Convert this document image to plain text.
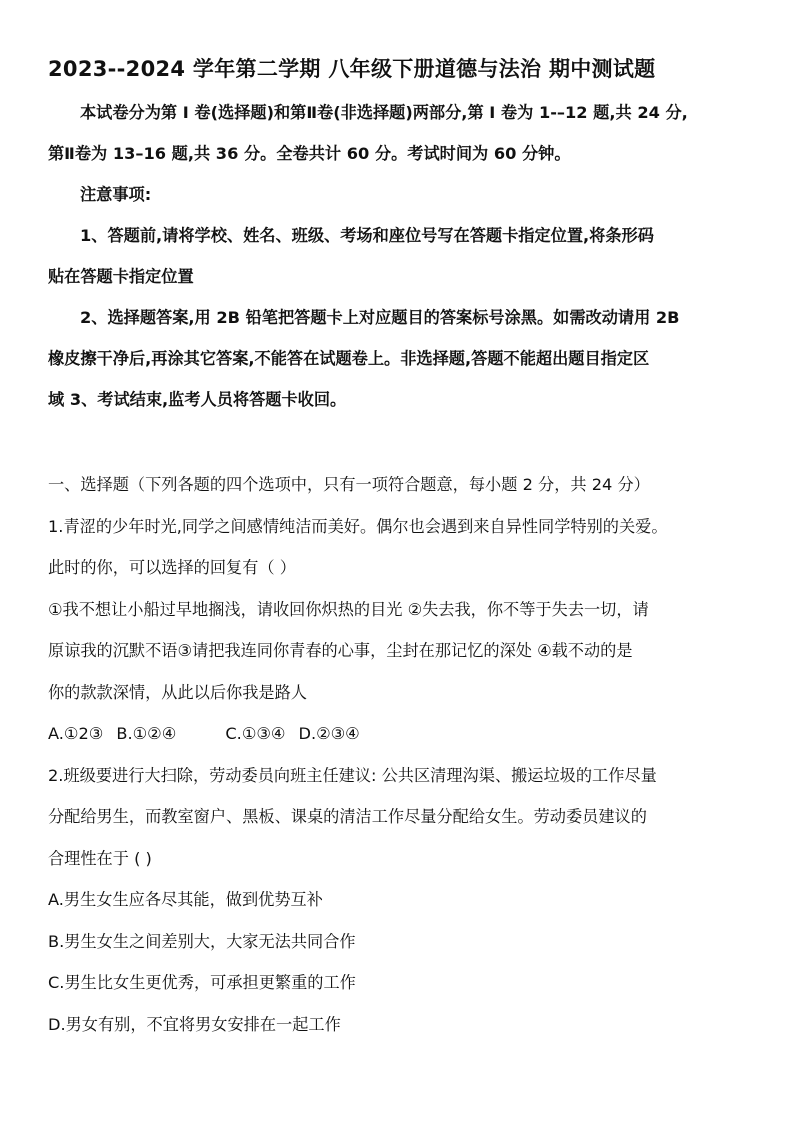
2023--2024 学年第二学期 八年级下册道德与法治 期中测试题

本试卷分为第 I 卷(选择题)和第Ⅱ卷(非选择题)两部分,第 I 卷为 1-–12 题,共 24 分,

第Ⅱ卷为 13–16 题,共 36 分。全卷共计 60 分。考试时间为 60 分钟。

注意事项:

1、答题前,请将学校、姓名、班级、考场和座位号写在答题卡指定位置,将条形码

贴在答题卡指定位置

2、选择题答案,用 2B 铅笔把答题卡上对应题目的答案标号涂黑。如需改动请用 2B

橡皮擦干净后,再涂其它答案,不能答在试题卷上。非选择题,答题不能超出题目指定区

域 3、考试结束,监考人员将答题卡收回。

一、选择题（下列各题的四个选项中，只有一项符合题意，每小题 2 分，共 24 分）

1.青涩的少年时光,同学之间感情纯洁而美好。偶尔也会遇到来自异性同学特别的关爱。

此时的你，可以选择的回复有（ ）

①我不想让小船过早地搁浅，请收回你炽热的目光 ②失去我，你不等于失去一切，请

原谅我的沉默不语③请把我连同你青春的心事，尘封在那记忆的深处 ④载不动的是

你的款款深情，从此以后你我是路人

A.①2③ B.①②④	C.①③④ D.②③④

2.班级要进行大扫除，劳动委员向班主任建议: 公共区清理沟渠、搬运垃圾的工作尽量

分配给男生，而教室窗户、黑板、课桌的清洁工作尽量分配给女生。劳动委员建议的

合理性在于 ( )

A.男生女生应各尽其能，做到优势互补

B.男生女生之间差别大，大家无法共同合作

C.男生比女生更优秀，可承担更繁重的工作

D.男女有别，不宜将男女安排在一起工作
